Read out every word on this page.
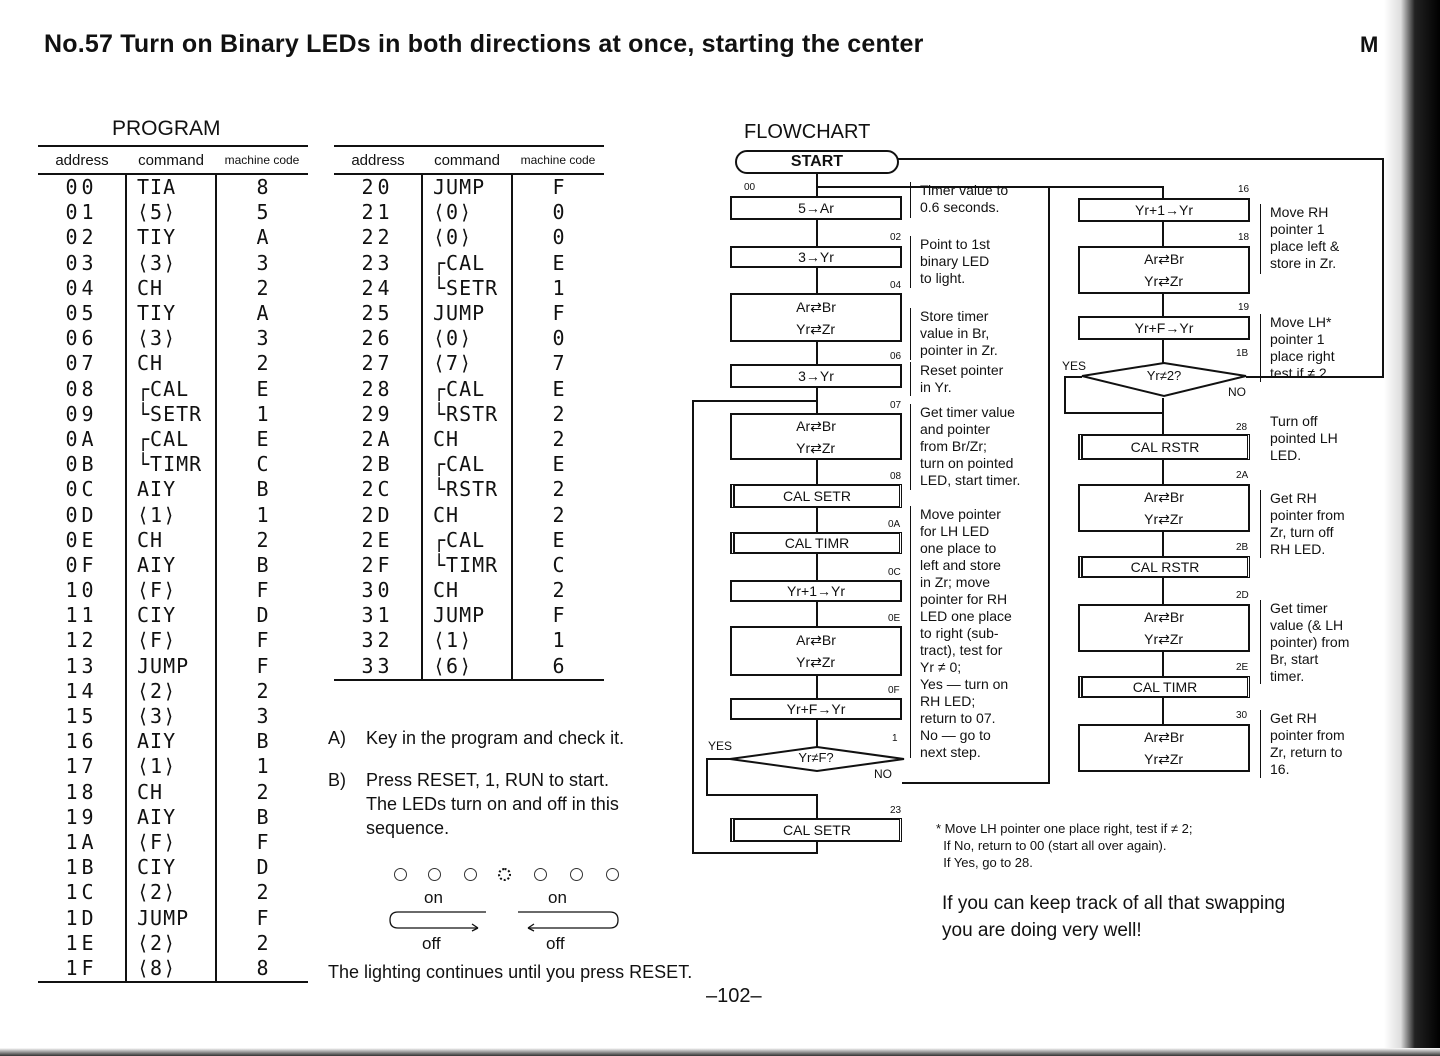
No.57 Turn on Binary LEDs in both directions at once, starting the center	M
PROGRAM
address	command	machine code
00	TIA	8
01	⟨5⟩	5
02	TIY	A
03	⟨3⟩	3
04	CH	2
05	TIY	A
06	⟨3⟩	3
07	CH	2
08	┌CAL	E
09	└SETR	1
0A	┌CAL	E
0B	└TIMR	C
0C	AIY	B
0D	⟨1⟩	1
0E	CH	2
0F	AIY	B
10	⟨F⟩	F
11	CIY	D
12	⟨F⟩	F
13	JUMP	F
14	⟨2⟩	2
15	⟨3⟩	3
16	AIY	B
17	⟨1⟩	1
18	CH	2
19	AIY	B
1A	⟨F⟩	F
1B	CIY	D
1C	⟨2⟩	2
1D	JUMP	F
1E	⟨2⟩	2
1F	⟨8⟩	8
address	command	machine code
20	JUMP	F
21	⟨0⟩	0
22	⟨0⟩	0
23	┌CAL	E
24	└SETR	1
25	JUMP	F
26	⟨0⟩	0
27	⟨7⟩	7
28	┌CAL	E
29	└RSTR	2
2A	CH	2
2B	┌CAL	E
2C	└RSTR	2
2D	CH	2
2E	┌CAL	E
2F	└TIMR	C
30	CH	2
31	JUMP	F
32	⟨1⟩	1
33	⟨6⟩	6
A) Key in the program and check it.
B) Press RESET, 1, RUN to start.
The LEDs turn on and off in this
sequence.
on	on
off	off
The lighting continues until you press RESET.
–102–
FLOWCHART
START
5→Ar
3→Yr
Ar⇄Br
Yr⇄Zr
3→Yr
Ar⇄Br
Yr⇄Zr
CAL SETR
CAL TIMR
Yr+1→Yr
Ar⇄Br
Yr⇄Zr
Yr+F→Yr
Yr≠F?
CAL SETR
YES
NO
00
02
04
06
07
08
0A
0C
0E
0F
1
23
Timer value to
0.6 seconds.
Point to 1st
binary LED
to light.
Store timer
value in Br,
pointer in Zr.
Reset pointer
in Yr.
Get timer value
and pointer
from Br/Zr;
turn on pointed
LED, start timer.
Move pointer
for LH LED
one place to
left and store
in Zr; move
pointer for RH
LED one place
to right (sub-
tract), test for
Yr ≠ 0;
Yes — turn on
RH LED;
return to 07.
No — go to
next step.
Yr+1→Yr
Ar⇄Br
Yr⇄Zr
Yr+F→Yr
Yr≠2?
CAL RSTR
Ar⇄Br
Yr⇄Zr
CAL RSTR
Ar⇄Br
Yr⇄Zr
CAL TIMR
Ar⇄Br
Yr⇄Zr
YES
NO
16
18
19
1B
28
2A
2B
2D
2E
30
Move RH
pointer 1
place left &
store in Zr.
Move LH*
pointer 1
place right
test if ≠ 2.
Turn off
pointed LH
LED.
Get RH
pointer from
Zr, turn off
RH LED.
Get timer
value (& LH
pointer) from
Br, start
timer.
Get RH
pointer from
Zr, return to
16.
* Move LH pointer one place right, test if ≠ 2;
If No, return to 00 (start all over again).
If Yes, go to 28.
If you can keep track of all that swapping
you are doing very well!
